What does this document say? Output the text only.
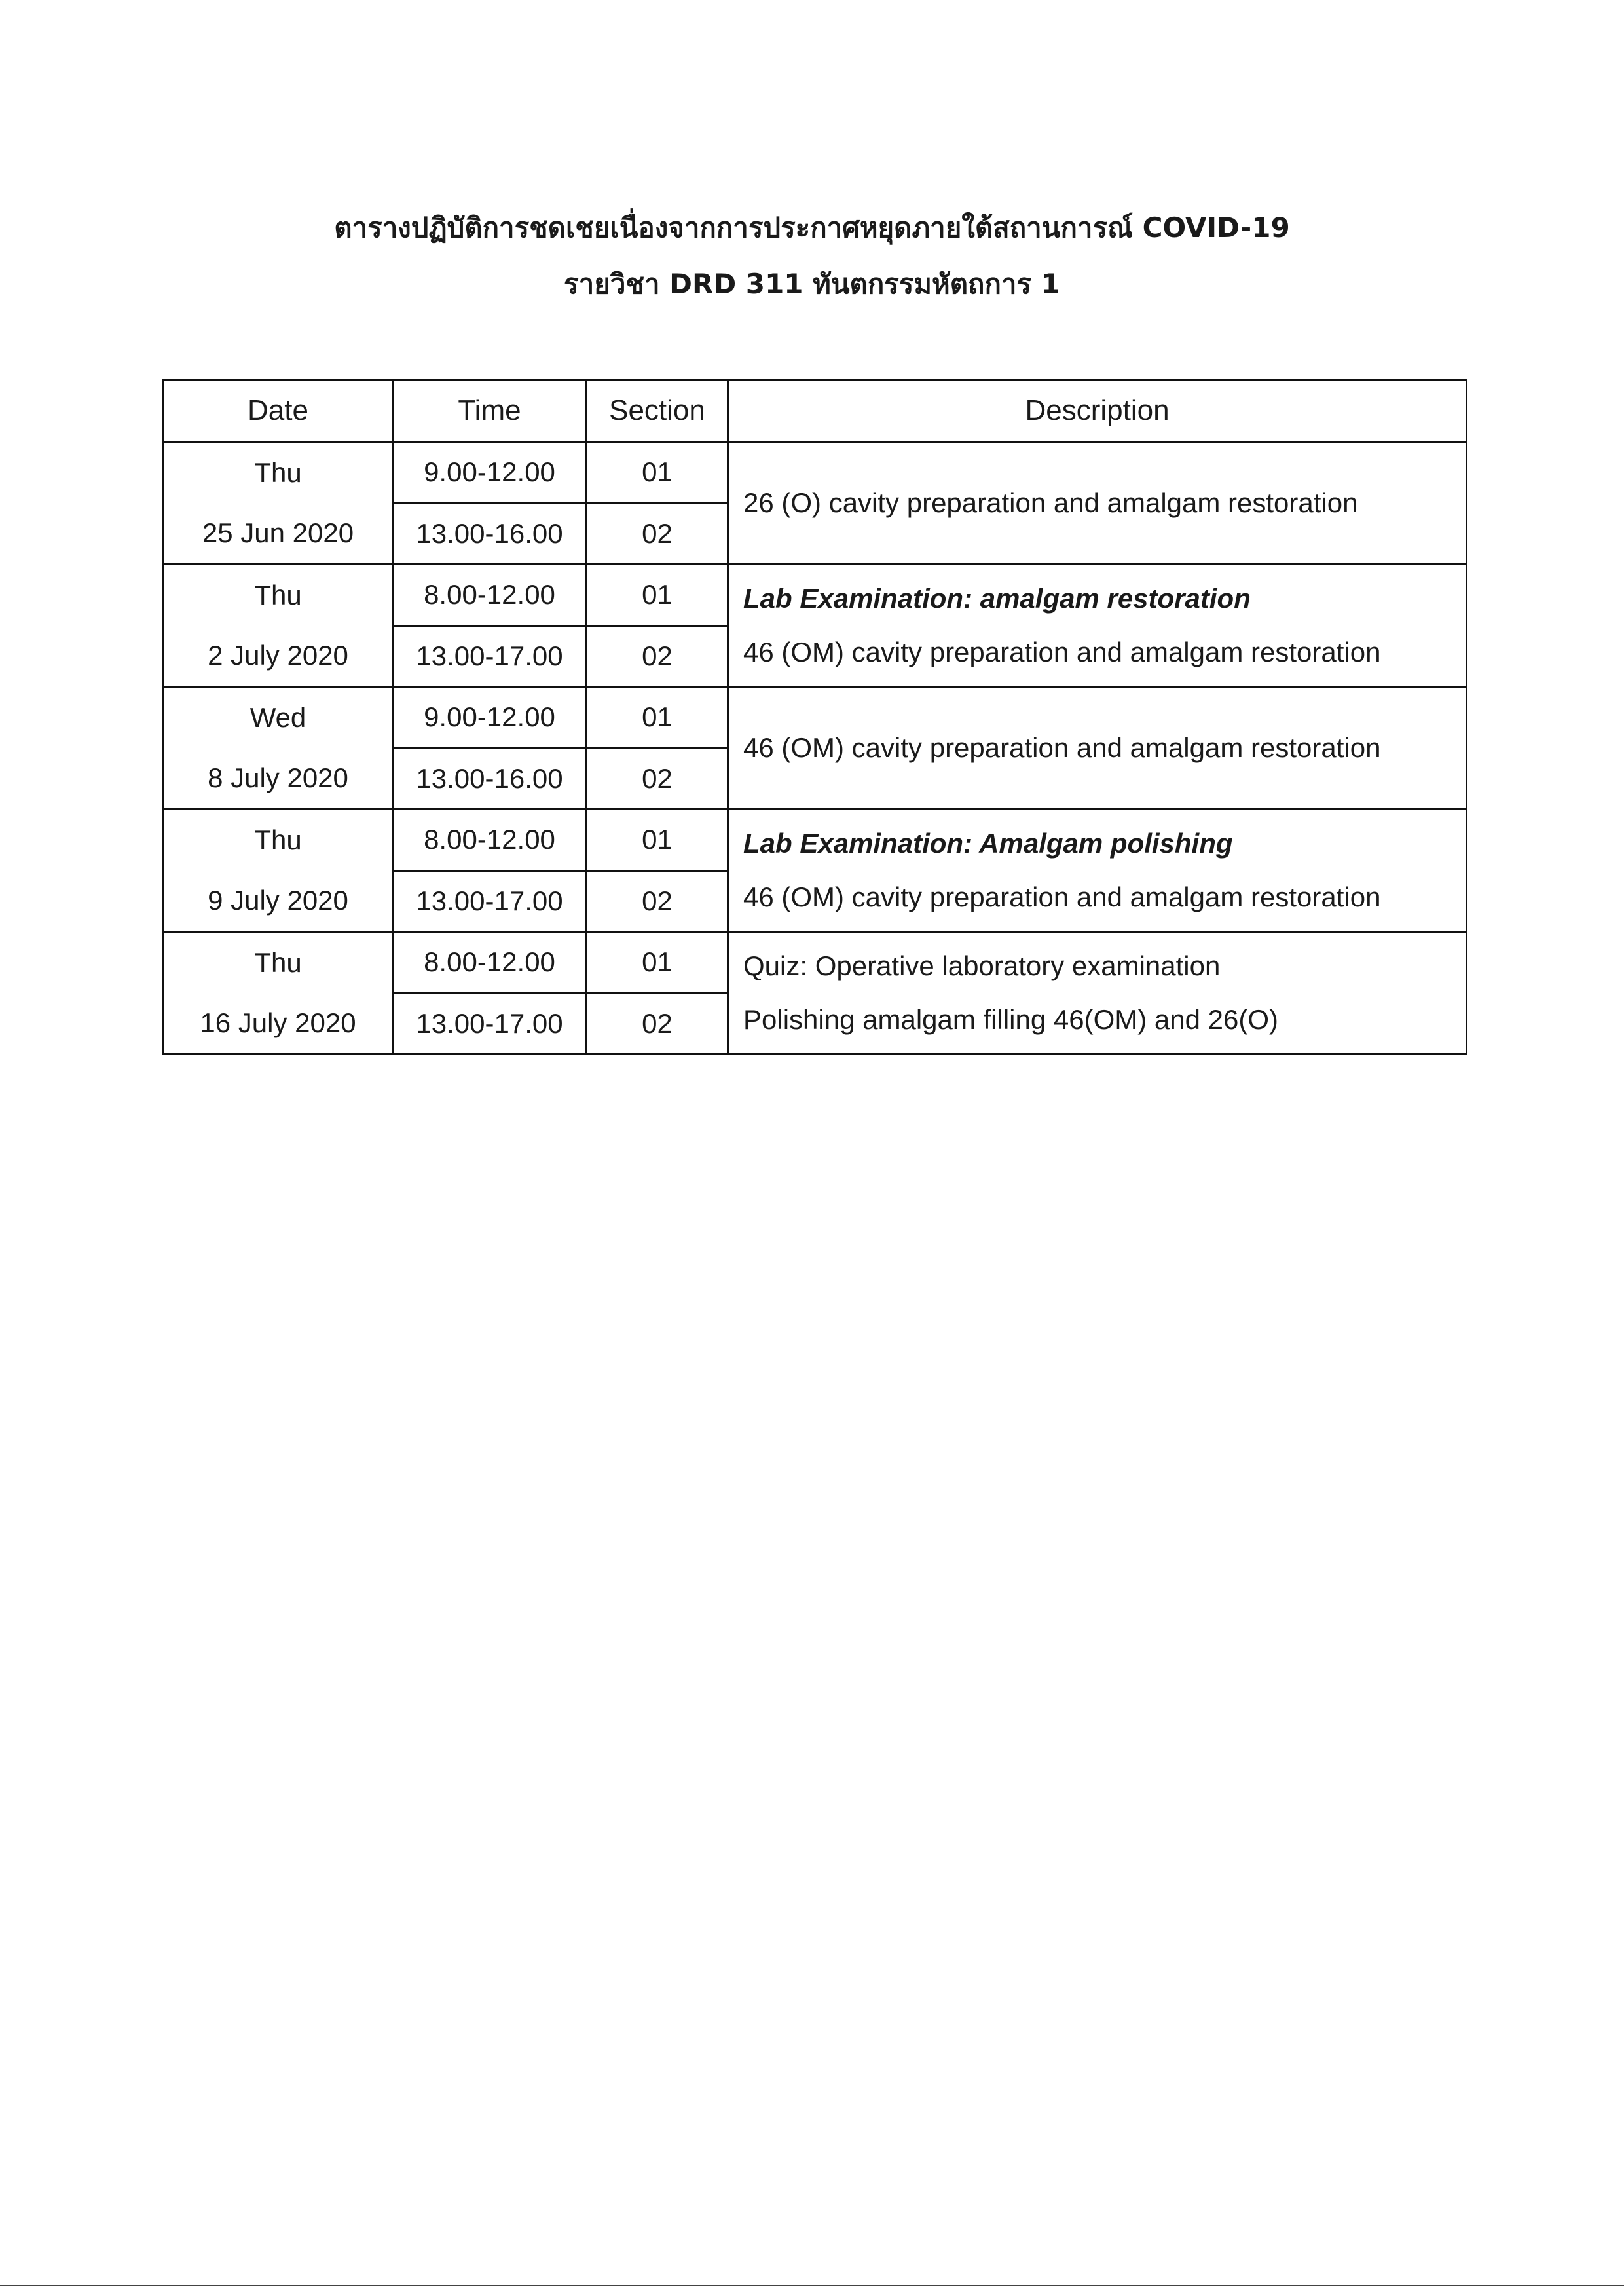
ตารางปฏิบัติการชดเชยเนื่องจากการประกาศหยุดภายใต้สถานการณ์ COVID-19
รายวิชา DRD 311 ทันตกรรมหัตถการ 1
Date	Time	Section	Description

Thu
25 Jun 2020	9.00-12.00	01	26 (O) cavity preparation and amalgam restoration

	13.00-16.00	02	

Thu
2 July 2020	8.00-12.00	01	Lab Examination: amalgam restoration
46 (OM) cavity preparation and amalgam restoration

	13.00-17.00	02	

Wed
8 July 2020	9.00-12.00	01	46 (OM) cavity preparation and amalgam restoration

	13.00-16.00	02	

Thu
9 July 2020	8.00-12.00	01	Lab Examination: Amalgam polishing
46 (OM) cavity preparation and amalgam restoration

	13.00-17.00	02	

Thu
16 July 2020	8.00-12.00	01	Quiz: Operative laboratory examination
Polishing amalgam filling 46(OM) and 26(O)

	13.00-17.00	02	
